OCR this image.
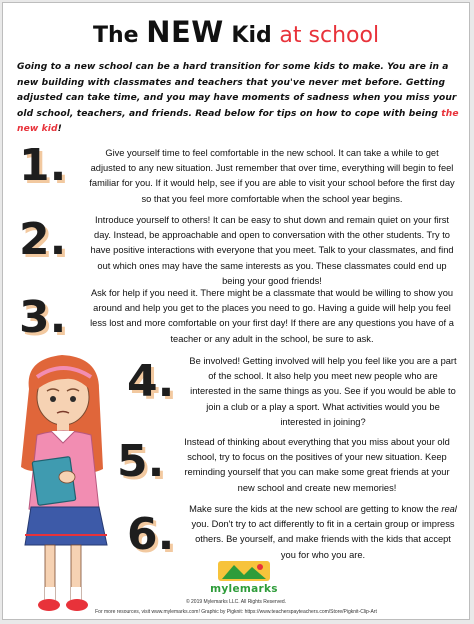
The NEW Kid at school
Going to a new school can be a hard transition for some kids to make. You are in a new building with classmates and teachers that you've never met before. Getting adjusted can take time, and you may have moments of sadness when you miss your old school, teachers, and friends. Read below for tips on how to cope with being the new kid!
1.	Give yourself time to feel comfortable in the new school. It can take a while to get adjusted to any new situation. Just remember that over time, everything will begin to feel familiar for you. If it would help, see if you are able to visit your school before the first day so that you feel more comfortable when the school year begins.
2.	Introduce yourself to others! It can be easy to shut down and remain quiet on your first day. Instead, be approachable and open to conversation with the other students. Try to have positive interactions with everyone that you meet. Talk to your classmates, and find out which ones may have the same interests as you. These classmates could end up being your good friends!
3.	Ask for help if you need it. There might be a classmate that would be willing to show you around and help you get to the places you need to go. Having a guide will help you feel less lost and more comfortable on your first day! If there are any questions you have of a teacher or any adult in the school, be sure to ask.
4. Be involved! Getting involved will help you feel like you are a part of the school. It also help you meet new people who are interested in the same things as you. See if you would be able to join a club or a play a sport. What activities would you be interested in joining?
5.	Instead of thinking about everything that you miss about your old school, try to focus on the positives of your new situation. Keep reminding yourself that you can make some great friends at your new school and create new memories!
6. Make sure the kids at the new school are getting to know the real you. Don't try to act differently to fit in a certain group or impress others. Be yourself, and make friends with the kids that accept you for who you are.
mylemarks
© 2019 Mylemarks LLC. All Rights Reserved.
For more resources, visit www.mylemarks.com! Graphic by Pigknit: https://www.teacherspayteachers.com/Store/Pigknit-Clip-Art
